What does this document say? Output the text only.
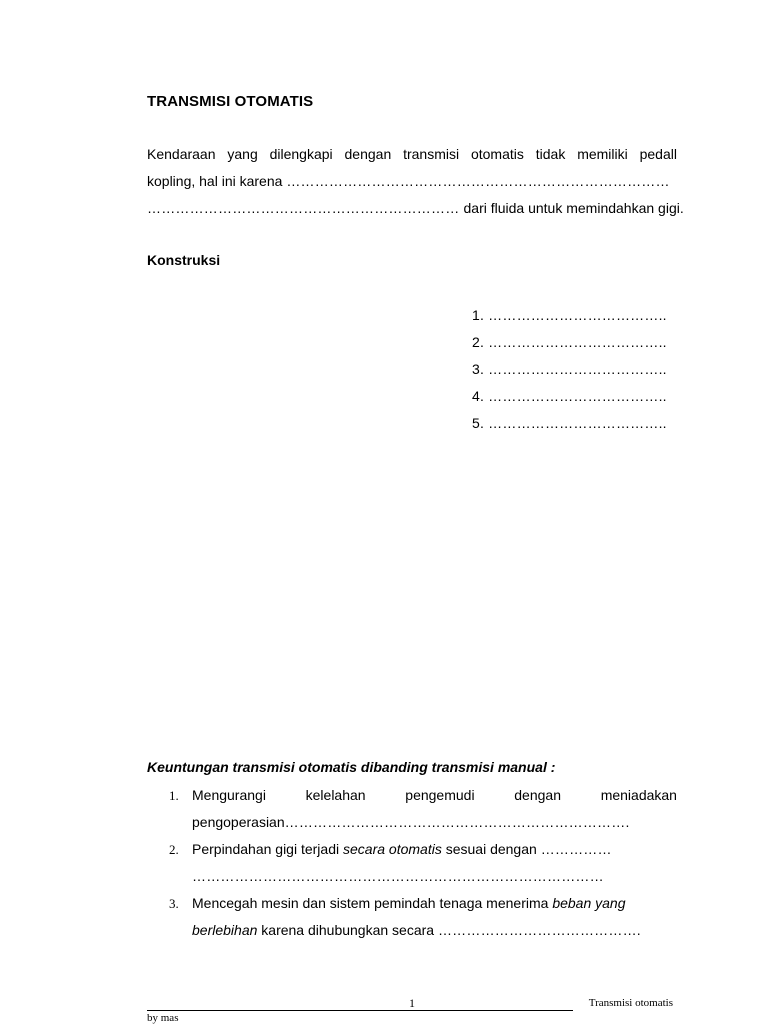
TRANSMISI OTOMATIS
Kendaraan yang dilengkapi dengan transmisi otomatis tidak memiliki pedall
kopling, hal ini karena ………………………………………………………………………
………………………………………………………… dari fluida untuk memindahkan gigi.
Konstruksi
1. ………………………………..
2. ………………………………..
3. ………………………………..
4. ………………………………..
5. ………………………………..
Keuntungan transmisi otomatis dibanding transmisi manual :
1. Mengurangi	kelelahan	pengemudi	dengan	meniadakan
pengoperasian……………………………………………………………….
2. Perpindahan gigi terjadi secara otomatis sesuai dengan ……………
……………………………………………………………………………
3. Mencegah mesin dan sistem pemindah tenaga menerima beban yang
berlebihan karena dihubungkan secara …………………………………….
1	Transmisi otomatis
by mas
